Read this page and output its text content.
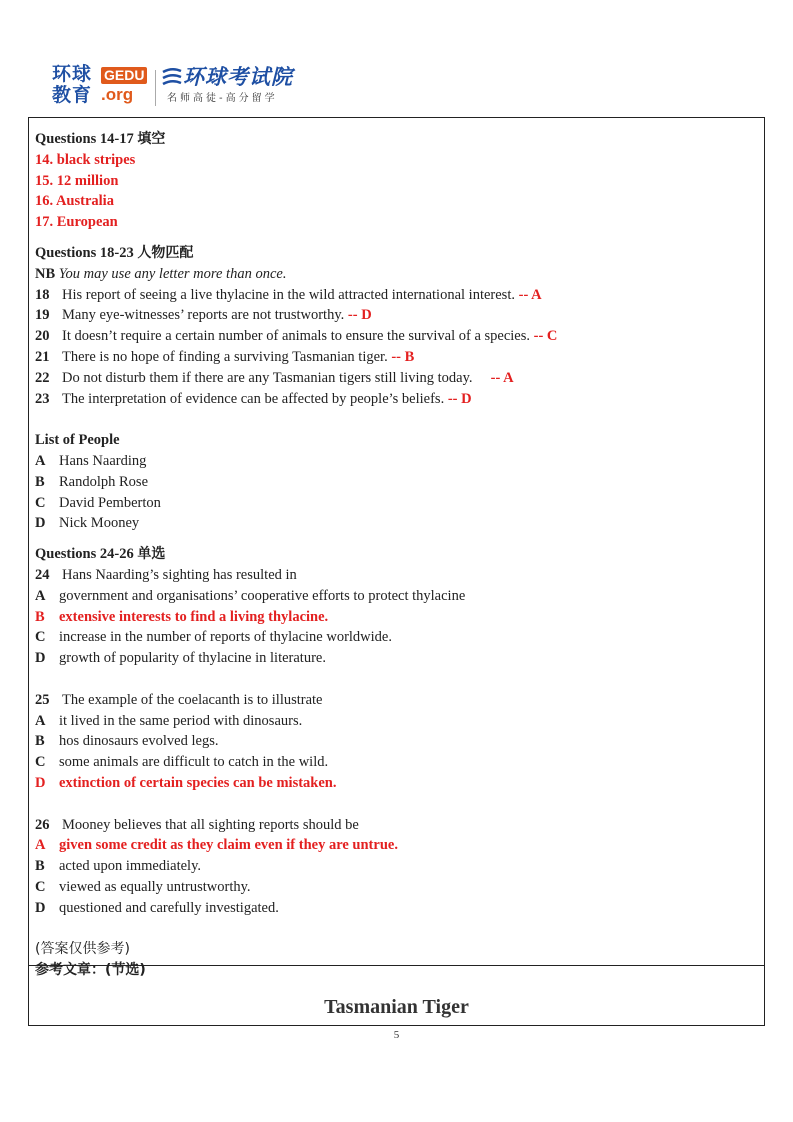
环球
教育
GEDU
.org
环球考试院
名师高徒-高分留学
Questions 14-17 填空
14. black stripes
15. 12 million
16. Australia
17. European
Questions 18-23 人物匹配
NB You may use any letter more than once.
18 His report of seeing a live thylacine in the wild attracted international interest. -- A
19 Many eye-witnesses’ reports are not trustworthy. -- D
20 It doesn’t require a certain number of animals to ensure the survival of a species. -- C
21 There is no hope of finding a surviving Tasmanian tiger. -- B
22 Do not disturb them if there are any Tasmanian tigers still living today.     -- A
23 The interpretation of evidence can be affected by people’s beliefs. -- D
List of People
A Hans Naarding
B Randolph Rose
C David Pemberton
D Nick Mooney
Questions 24-26 单选
24 Hans Naarding’s sighting has resulted in
A government and organisations’ cooperative efforts to protect thylacine
B extensive interests to find a living thylacine.
C increase in the number of reports of thylacine worldwide.
D growth of popularity of thylacine in literature.
25 The example of the coelacanth is to illustrate
A it lived in the same period with dinosaurs.
B hos dinosaurs evolved legs.
C some animals are difficult to catch in the wild.
D extinction of certain species can be mistaken.
26 Mooney believes that all sighting reports should be
A given some credit as they claim even if they are untrue.
B acted upon immediately.
C viewed as equally untrustworthy.
D questioned and carefully investigated.
(答案仅供参考)
参考文章：(节选)
Tasmanian Tiger
5
